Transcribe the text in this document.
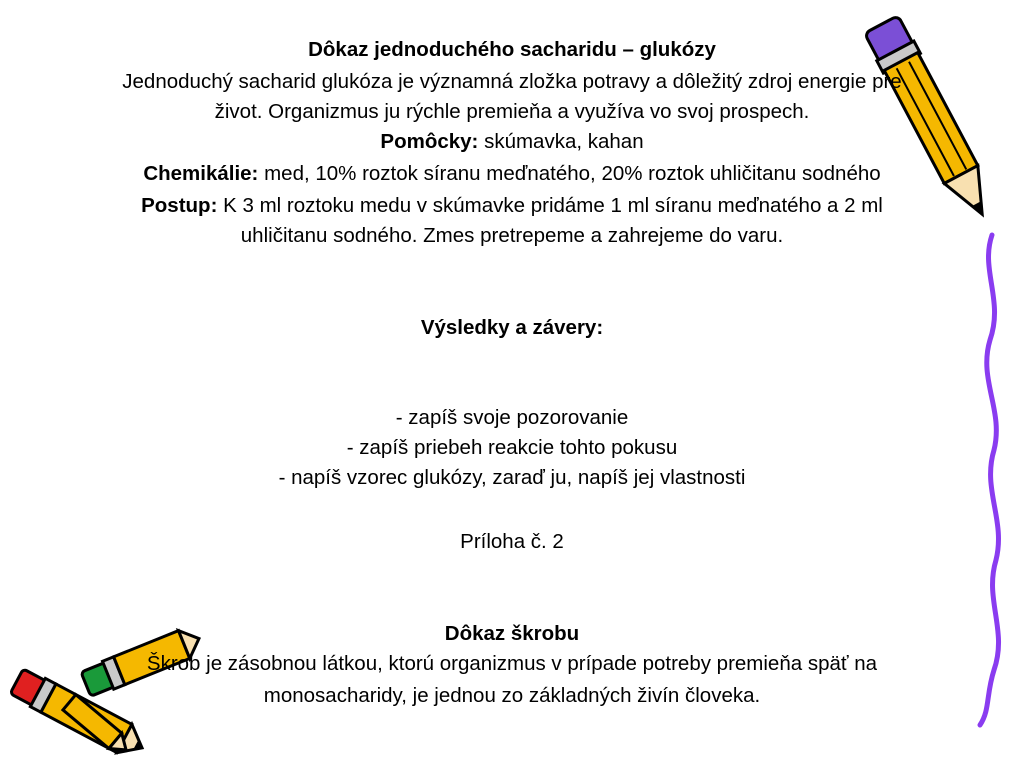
Dôkaz jednoduchého sacharidu – glukózy
Jednoduchý sacharid glukóza je významná zložka potravy a dôležitý zdroj energie pre
život. Organizmus ju rýchle premieňa a využíva vo svoj prospech.
Pomôcky: skúmavka, kahan
Chemikálie: med, 10% roztok síranu meďnatého, 20% roztok uhličitanu sodného
Postup: K 3 ml roztoku medu v skúmavke pridáme 1 ml síranu meďnatého a 2 ml
uhličitanu sodného. Zmes pretrepeme a zahrejeme do varu.
Výsledky a závery:
- zapíš svoje pozorovanie
- zapíš priebeh reakcie tohto pokusu
- napíš vzorec glukózy, zaraď ju, napíš jej vlastnosti
Príloha č. 2
Dôkaz škrobu
Škrob je zásobnou látkou, ktorú organizmus v prípade potreby premieňa späť na
monosacharidy, je jednou zo základných živín človeka.
